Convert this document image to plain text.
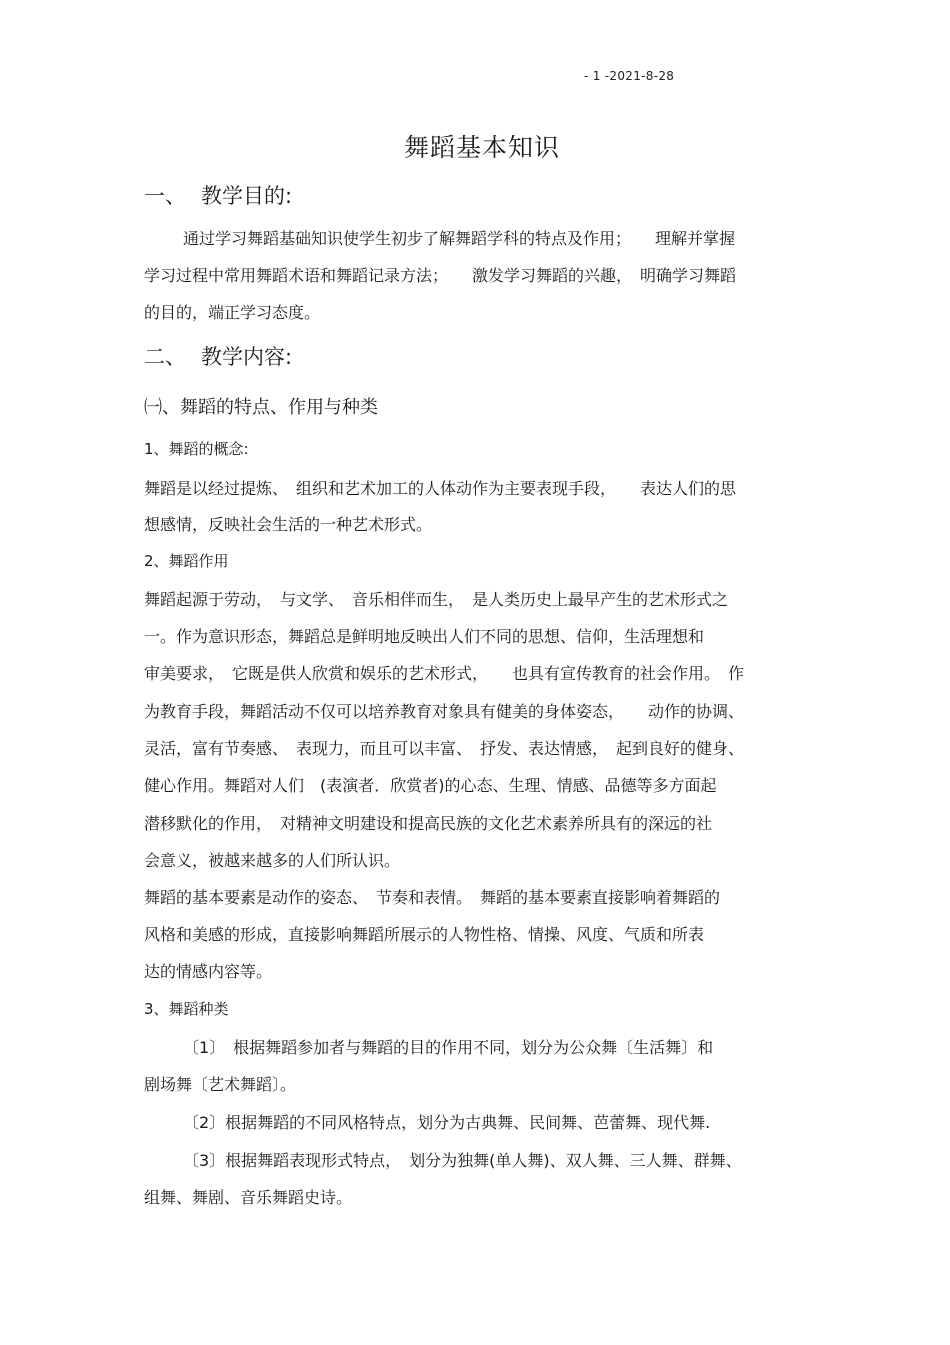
- 1 -2021-8-28
舞蹈基本知识
一、 教学目的:
通过学习舞蹈基础知识使学生初步了解舞蹈学科的特点及作用；　　理解并掌握
学习过程中常用舞蹈术语和舞蹈记录方法；　　激发学习舞蹈的兴趣，　明确学习舞蹈
的目的，端正学习态度。
二、 教学内容:
㈠、舞蹈的特点、作用与种类
1、舞蹈的概念:
舞蹈是以经过提炼、　组织和艺术加工的人体动作为主要表现手段，　　表达人们的思
想感情，反映社会生活的一种艺术形式。
2、舞蹈作用
舞蹈起源于劳动，　与文学、　音乐相伴而生，　是人类历史上最早产生的艺术形式之
一。作为意识形态，舞蹈总是鲜明地反映出人们不同的思想、信仰，生活理想和
审美要求，　它既是供人欣赏和娱乐的艺术形式，　　也具有宣传教育的社会作用。　作
为教育手段，舞蹈活动不仅可以培养教育对象具有健美的身体姿态，　　动作的协调、
灵活，富有节奏感、　表现力，而且可以丰富、　抒发、表达情感，　起到良好的健身、
健心作用。舞蹈对人们　(表演者．欣赏者)的心态、生理、情感、品德等多方面起
潜移默化的作用，　对精神文明建设和提高民族的文化艺术素养所具有的深远的社
会意义，被越来越多的人们所认识。
舞蹈的基本要素是动作的姿态、　节奏和表情。　舞蹈的基本要素直接影响着舞蹈的
风格和美感的形成，直接影响舞蹈所展示的人物性格、情操、风度、气质和所表
达的情感内容等。
3、舞蹈种类
〔1〕　根据舞蹈参加者与舞蹈的目的作用不同，划分为公众舞〔生活舞〕和
剧场舞〔艺术舞蹈〕。
〔2〕根据舞蹈的不同风格特点，划分为古典舞、民间舞、芭蕾舞、现代舞.
〔3〕根据舞蹈表现形式特点，　划分为独舞(单人舞)、双人舞、三人舞、群舞、
组舞、舞剧、音乐舞蹈史诗。
